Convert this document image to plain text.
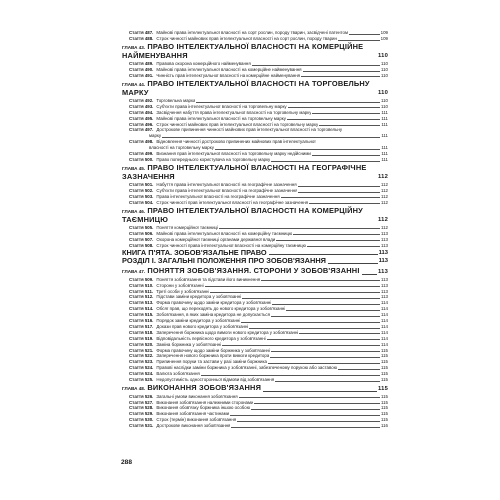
Стаття 487. Майнові права інтелектуальної власності на сорт рослин, породу тварин, засвідчені патентом	109
Стаття 488. Строк чинності майнових прав інтелектуальної власності на сорт рослин, породу тварин	109
ГЛАВА 43. ПРАВО ІНТЕЛЕКТУАЛЬНОЇ ВЛАСНОСТІ НА КОМЕРЦІЙНЕ НАЙМЕНУВАННЯ	110
Стаття 489. Правова охорона комерційного найменування	110
Стаття 490. Майнові права інтелектуальної власності на комерційне найменування	110
Стаття 491. Чинність прав інтелектуальної власності на комерційне найменування	110
ГЛАВА 44. ПРАВО ІНТЕЛЕКТУАЛЬНОЇ ВЛАСНОСТІ НА ТОРГОВЕЛЬНУ МАРКУ	110
Стаття 492. Торговельна марка	110
Стаття 493. Суб'єкти права інтелектуальної власності на торговельну марку	110
Стаття 494. Засвідчення набуття права інтелектуальної власності на торговельну марку	111
Стаття 495. Майнові права інтелектуальної власності на торговельну марку	111
Стаття 496. Строк чинності майнових прав інтелектуальної власності на торговельну марку	111
Стаття 497. Дострокове припинення чинності майнових прав інтелектуальної власності на торговельну
марку	111
Стаття 498. Відновлення чинності достроково припинених майнових прав інтелектуальної
власності на торговельну марку	111
Стаття 499. Визнання прав інтелектуальної власності на торговельну марку недійсними	111
Стаття 500. Право попереднього користувача на торговельну марку	111
ГЛАВА 45. ПРАВО ІНТЕЛЕКТУАЛЬНОЇ ВЛАСНОСТІ НА ГЕОГРАФІЧНЕ ЗАЗНАЧЕННЯ	112
Стаття 501. Набуття права інтелектуальної власності на географічне зазначення	112
Стаття 502. Суб'єкти права інтелектуальної власності на географічне зазначення	112
Стаття 503. Права інтелектуальної власності на географічне зазначення	112
Стаття 504. Строк чинності прав інтелектуальної власності на географічне зазначення	112
ГЛАВА 46. ПРАВО ІНТЕЛЕКТУАЛЬНОЇ ВЛАСНОСТІ НА КОМЕРЦІЙНУ ТАЄМНИЦЮ	112
Стаття 505. Поняття комерційної таємниці	112
Стаття 506. Майнові права інтелектуальної власності на комерційну таємницю	113
Стаття 507. Охорона комерційної таємниці органами державної влади	113
Стаття 508. Строк чинності права інтелектуальної власності на комерційну таємницю	113
КНИГА П'ЯТА. ЗОБОВ'ЯЗАЛЬНЕ ПРАВО	113
РОЗДІЛ І. ЗАГАЛЬНІ ПОЛОЖЕННЯ ПРО ЗОБОВ'ЯЗАННЯ	113
ГЛАВА 47. ПОНЯТТЯ ЗОБОВ'ЯЗАННЯ. СТОРОНИ У ЗОБОВ'ЯЗАННІ	113
Стаття 509. Поняття зобов'язання та підстави його виникнення	113
Стаття 510. Сторони у зобов'язанні	113
Стаття 511. Треті особи у зобов'язанні	113
Стаття 512. Підстави заміни кредитора у зобов'язанні	113
Стаття 513. Форма правочину щодо заміни кредитора у зобов'язанні	114
Стаття 514. Обсяг прав, що переходять до нового кредитора у зобов'язанні	114
Стаття 515. Зобов'язання, в яких заміна кредитора не допускається	114
Стаття 516. Порядок заміни кредитора у зобов'язанні	114
Стаття 517. Докази прав нового кредитора у зобов'язанні	114
Стаття 518. Заперечення боржника щодо вимоги нового кредитора у зобов'язанні	114
Стаття 519. Відповідальність первісного кредитора у зобов'язанні	114
Стаття 520. Заміна боржника у зобов'язанні	114
Стаття 521. Форма правочину щодо заміни боржника у зобов'язанні	115
Стаття 522. Заперечення нового боржника проти вимоги кредитора	115
Стаття 523. Припинення поруки та застави у разі заміни боржника	115
Стаття 524. Правові наслідки заміни боржника у зобов'язанні, забезпеченому порукою або заставою	115
Стаття 524. Валюта зобов'язання	115
Стаття 525. Недопустимість односторонньої відмови від зобов'язання	115
ГЛАВА 48. ВИКОНАННЯ ЗОБОВ'ЯЗАННЯ	115
Стаття 526. Загальні умови виконання зобов'язання	115
Стаття 527. Виконання зобов'язання належними сторонами	115
Стаття 528. Виконання обов'язку боржника іншою особою	115
Стаття 529. Виконання зобов'язання частинами	115
Стаття 530. Строк (термін) виконання зобов'язання	115
Стаття 531. Дострокове виконання зобов'язання	116
288
